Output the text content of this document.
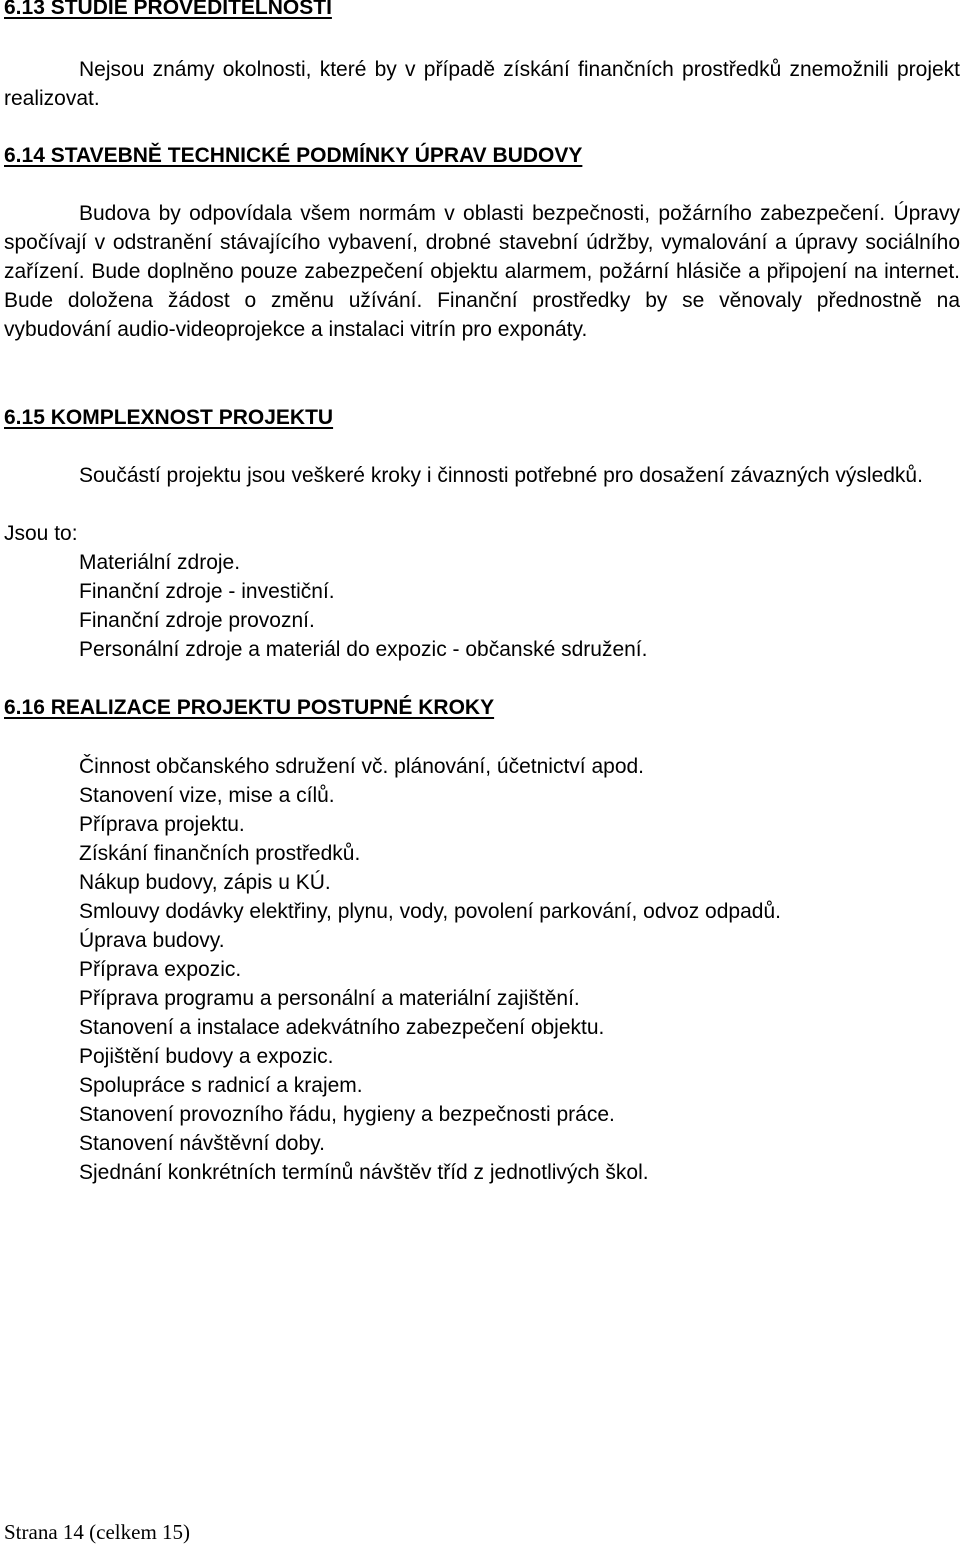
6.13 STUDIE PROVEDITELNOSTI

Nejsou známy okolnosti, které by v případě získání finančních prostředků znemožnili projekt realizovat.

6.14 STAVEBNĚ TECHNICKÉ PODMÍNKY ÚPRAV BUDOVY

Budova by odpovídala všem normám v oblasti bezpečnosti, požárního zabezpečení. Úpravy spočívají v odstranění stávajícího vybavení, drobné stavební údržby, vymalování a úpravy sociálního zařízení. Bude doplněno pouze zabezpečení objektu alarmem, požární hlásiče a připojení na internet. Bude doložena žádost o změnu užívání. Finanční prostředky by se věnovaly přednostně na vybudování audio-videoprojekce a instalaci vitrín pro exponáty.

6.15 KOMPLEXNOST PROJEKTU

Součástí projektu jsou veškeré kroky i činnosti potřebné pro dosažení závazných výsledků.

Jsou to:
Materiální zdroje.
Finanční zdroje - investiční.
Finanční zdroje provozní.
Personální zdroje a materiál do expozic - občanské sdružení.
6.16 REALIZACE PROJEKTU POSTUPNÉ KROKY
Činnost občanského sdružení vč. plánování, účetnictví apod.
Stanovení vize, mise a cílů.
Příprava projektu.
Získání finančních prostředků.
Nákup budovy, zápis u KÚ.
Smlouvy dodávky elektřiny, plynu, vody, povolení parkování, odvoz odpadů.
Úprava budovy.
Příprava expozic.
Příprava programu a personální a materiální zajištění.
Stanovení a instalace adekvátního zabezpečení objektu.
Pojištění budovy a expozic.
Spolupráce s radnicí a krajem.
Stanovení provozního řádu, hygieny a bezpečnosti práce.
Stanovení návštěvní doby.
Sjednání konkrétních termínů návštěv tříd z jednotlivých škol.
Strana 14 (celkem 15)
